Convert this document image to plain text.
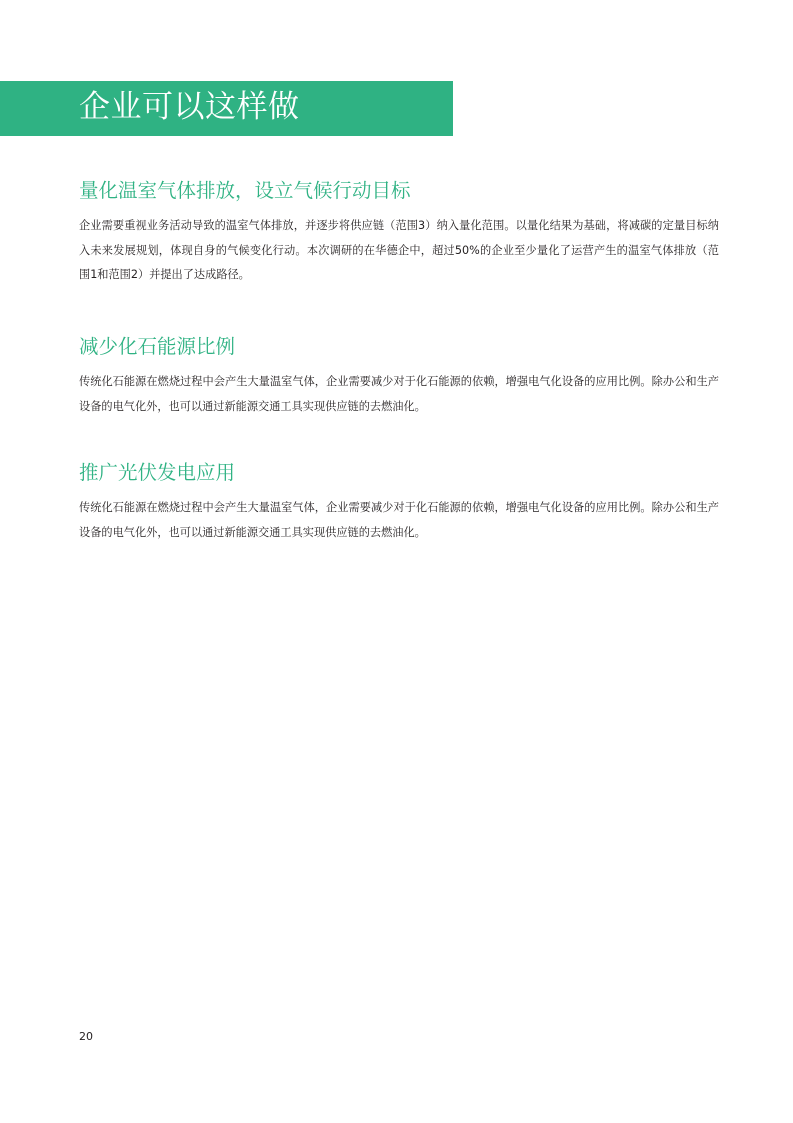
企业可以这样做
量化温室气体排放，设立气候行动目标

企业需要重视业务活动导致的温室气体排放，并逐步将供应链（范围3）纳入量化范围。以量化结果为基础，将减碳的定量目标纳入未来发展规划，体现自身的气候变化行动。本次调研的在华德企中，超过50%的企业至少量化了运营产生的温室气体排放（范围1和范围2）并提出了达成路径。

减少化石能源比例

传统化石能源在燃烧过程中会产生大量温室气体，企业需要减少对于化石能源的依赖，增强电气化设备的应用比例。除办公和生产设备的电气化外，也可以通过新能源交通工具实现供应链的去燃油化。

推广光伏发电应用

传统化石能源在燃烧过程中会产生大量温室气体，企业需要减少对于化石能源的依赖，增强电气化设备的应用比例。除办公和生产设备的电气化外，也可以通过新能源交通工具实现供应链的去燃油化。

20
